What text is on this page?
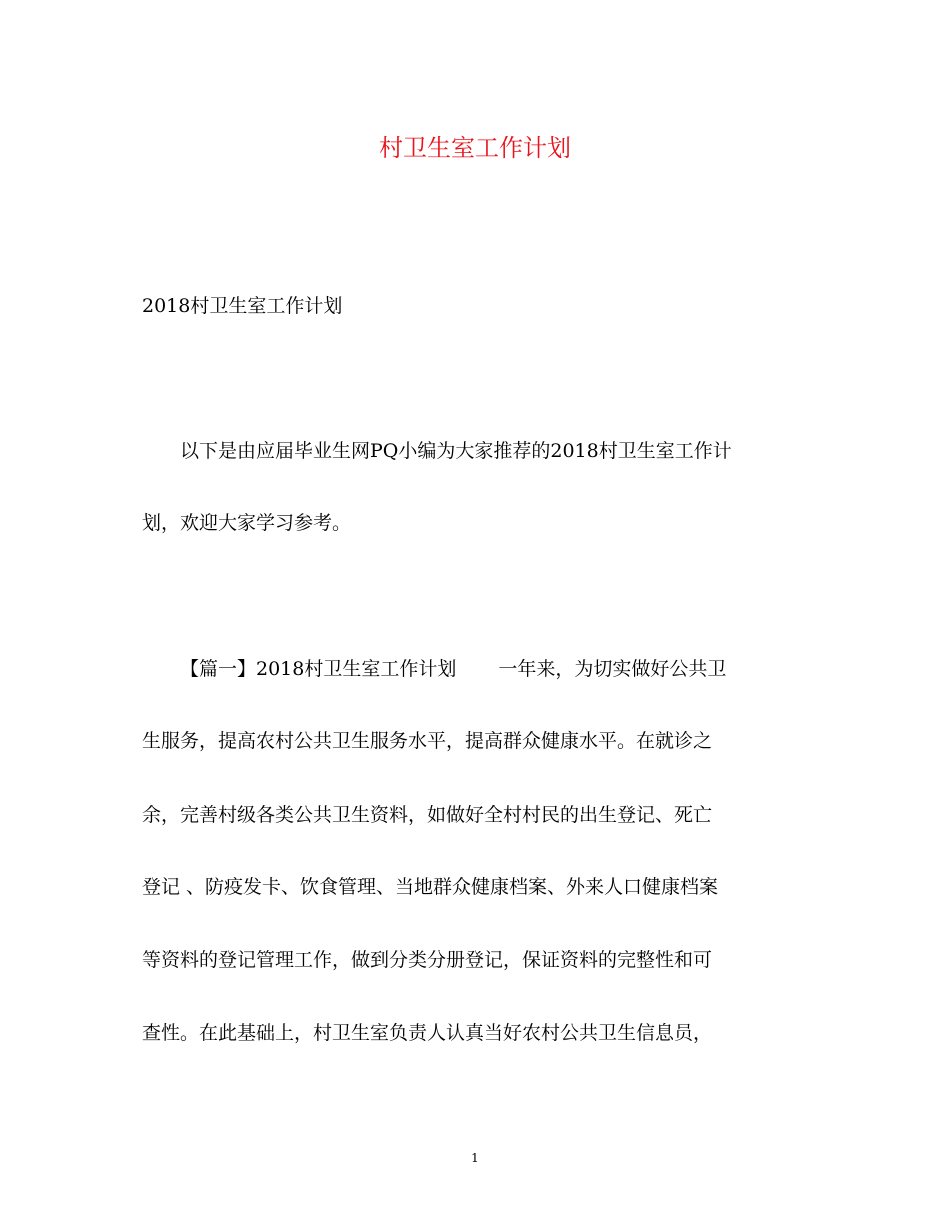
村卫生室工作计划
2018村卫生室工作计划
以下是由应届毕业生网PQ小编为大家推荐的2018村卫生室工作计
划，欢迎大家学习参考。
【篇一】2018村卫生室工作计划 一年来，为切实做好公共卫
生服务，提高农村公共卫生服务水平，提高群众健康水平。在就诊之
余，完善村级各类公共卫生资料，如做好全村村民的出生登记、死亡
登记 、防疫发卡、饮食管理、当地群众健康档案、外来人口健康档案
等资料的登记管理工作，做到分类分册登记，保证资料的完整性和可
查性。在此基础上，村卫生室负责人认真当好农村公共卫生信息员，
1
